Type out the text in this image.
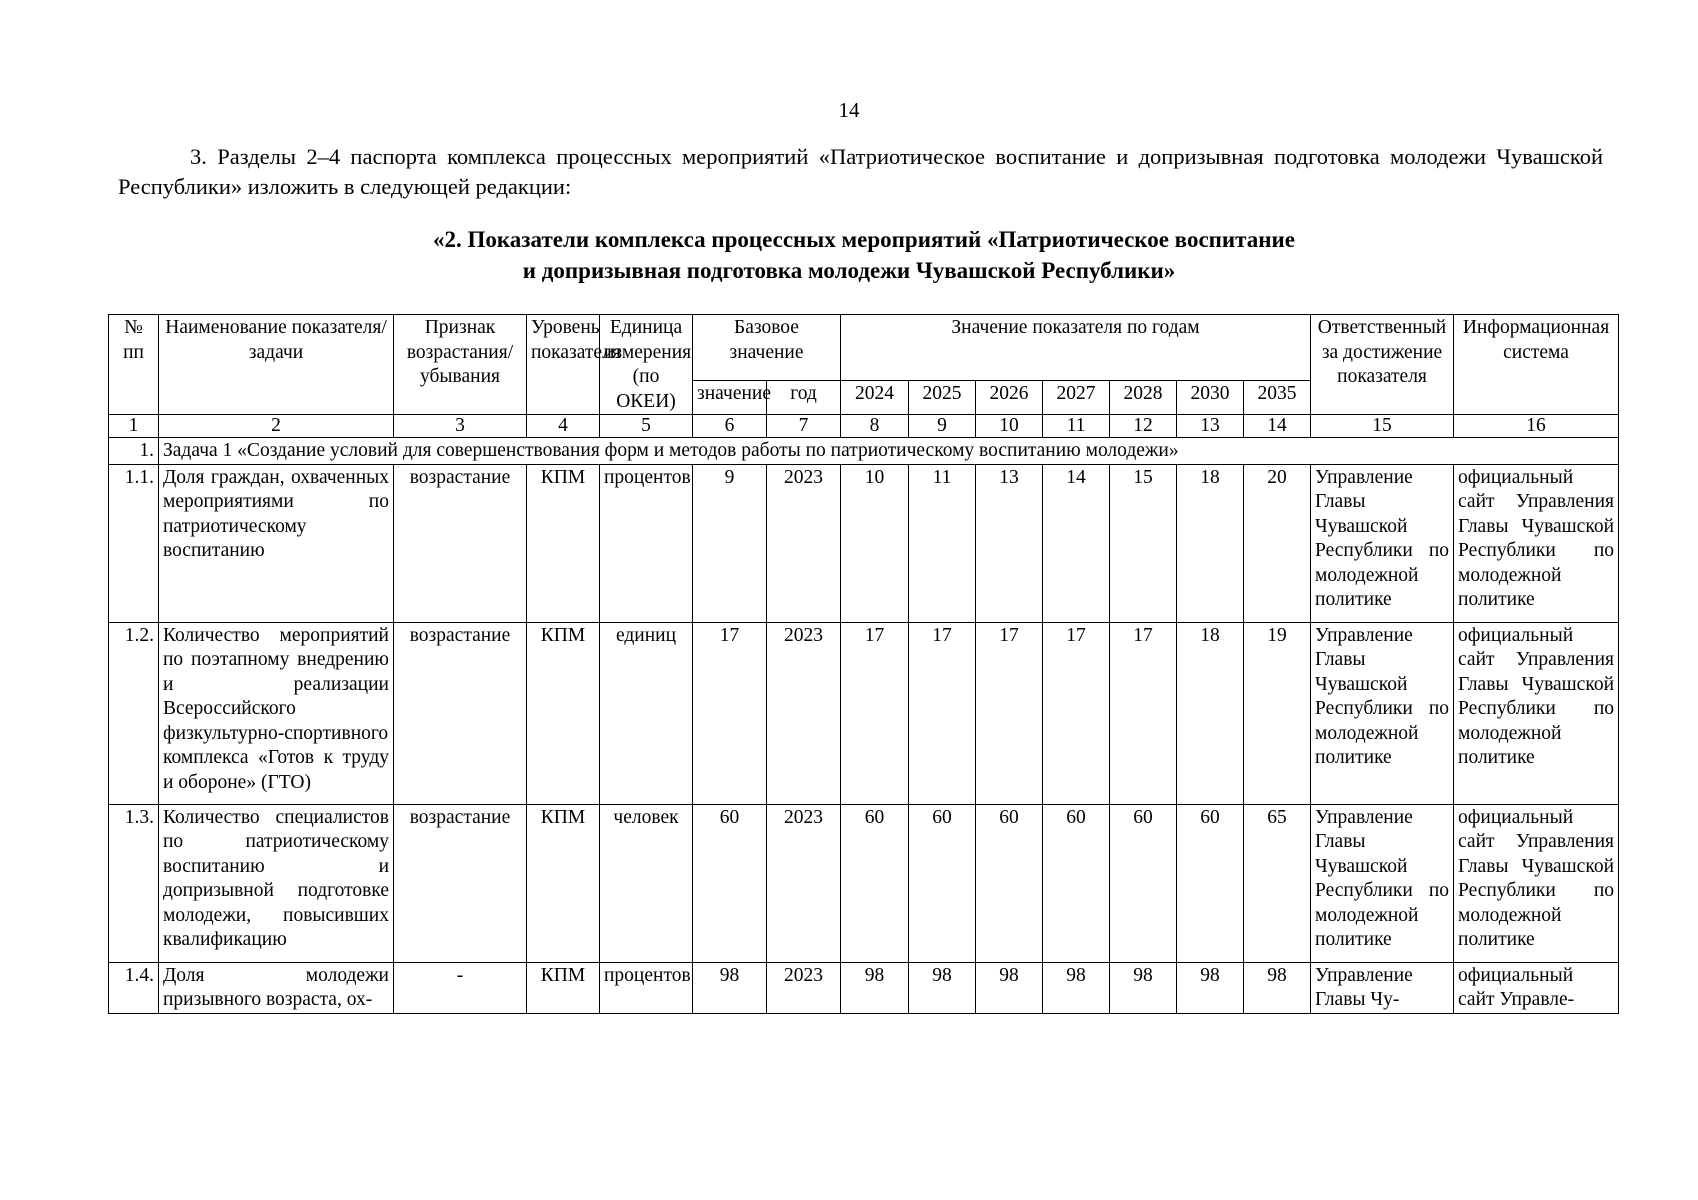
14

3. Разделы 2–4 паспорта комплекса процессных мероприятий «Патриотическое воспитание и допризывная подготовка молодежи Чувашской Республики» изложить в следующей редакции:

«2. Показатели комплекса процессных мероприятий «Патриотическое воспитание
и допризывная подготовка молодежи Чувашской Республики»
№ пп	Наименование показателя/задачи	Признак возрастания/убывания	Уровень показателя	Единица измерения (по ОКЕИ)	Базовое значение		Значение показателя по годам							Ответственный за достижение показателя	Информационная система
					значение	год	2024	2025	2026	2027	2028	2030	2035		
1	2	3	4	5	6	7	8	9	10	11	12	13	14	15	16
1.	Задача 1 «Создание условий для совершенствования форм и методов работы по патриотическому воспитанию молодежи»														
1.1.	Доля граждан, охваченных мероприятиями по патриотическому воспитанию	возрастание	КПМ	процентов	9	2023	10	11	13	14	15	18	20	Управление Главы Чувашской Республики по молодежной политике	официальный сайт Управления Главы Чувашской Республики по молодежной политике
1.2.	Количество мероприятий по поэтапному внедрению и реализации Всероссийского физкультурно-спортивного комплекса «Готов к труду и обороне» (ГТО)	возрастание	КПМ	единиц	17	2023	17	17	17	17	17	18	19	Управление Главы Чувашской Республики по молодежной политике	официальный сайт Управления Главы Чувашской Республики по молодежной политике
1.3.	Количество специалистов по патриотическому воспитанию и допризывной подготовке молодежи, повысивших квалификацию	возрастание	КПМ	человек	60	2023	60	60	60	60	60	60	65	Управление Главы Чувашской Республики по молодежной политике	официальный сайт Управления Главы Чувашской Республики по молодежной политике
1.4.	Доля молодежи призывного возраста, ох-	-	КПМ	процентов	98	2023	98	98	98	98	98	98	98	Управление Главы Чу-	официальный сайт Управле-
